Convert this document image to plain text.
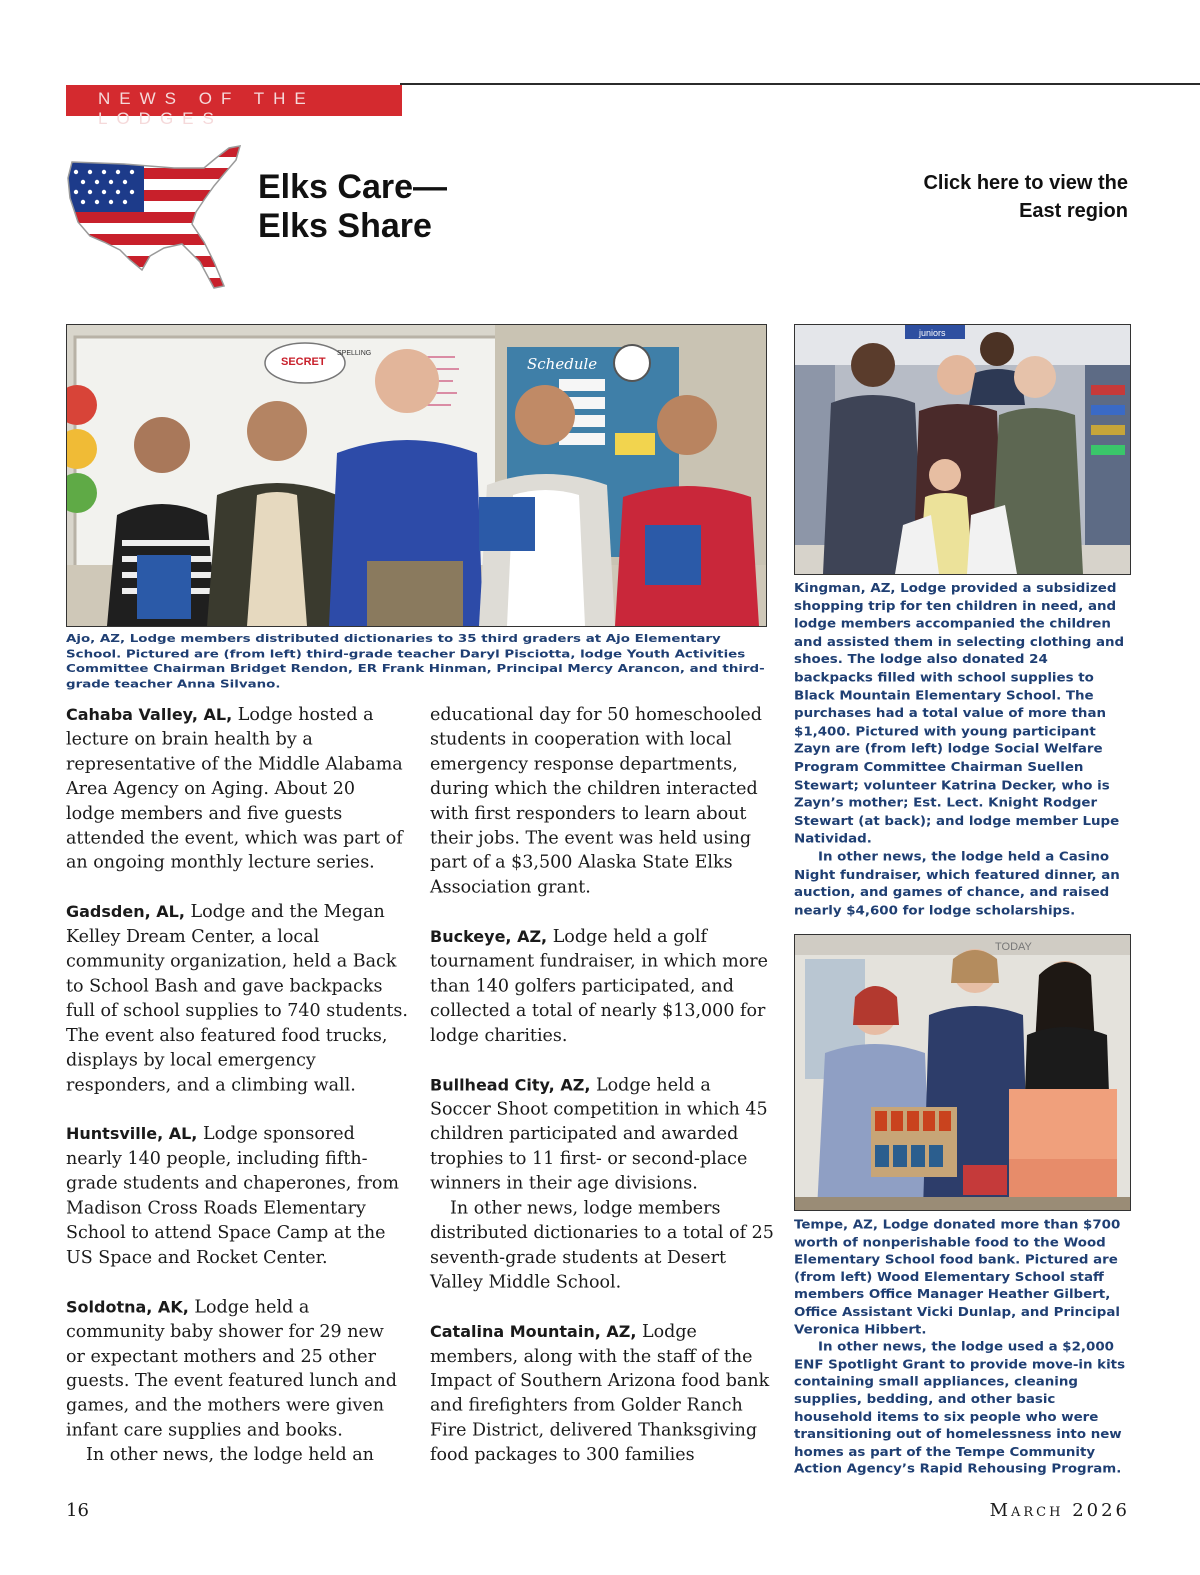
NEWS OF THE LODGES
Elks Care—
Elks Share
Click here to view the
East region
Schedule
SECRET
SPELLING
Ajo, AZ, Lodge members distributed dictionaries to 35 third graders at Ajo Elementary School. Pictured are (from left) third-grade teacher Daryl Pisciotta, lodge Youth Activities Committee Chairman Bridget Rendon, ER Frank Hinman, Principal Mercy Arancon, and third-grade teacher Anna Silvano.
juniors
Kingman, AZ, Lodge provided a subsidized shopping trip for ten children in need, and lodge members accompanied the children and assisted them in selecting clothing and shoes. The lodge also donated 24 backpacks filled with school supplies to Black Mountain Elementary School. The purchases had a total value of more than $1,400. Pictured with young participant Zayn are (from left) lodge Social Welfare Program Committee Chairman Suellen Stewart; volunteer Katrina Decker, who is Zayn’s mother; Est. Lect. Knight Rodger Stewart (at back); and lodge member Lupe Natividad.
In other news, the lodge held a Casino Night fundraiser, which featured dinner, an auction, and games of chance, and raised nearly $4,600 for lodge scholarships.
TODAY
Tempe, AZ, Lodge donated more than $700 worth of nonperishable food to the Wood Elementary School food bank. Pictured are (from left) Wood Elementary School staff members Office Manager Heather Gilbert, Office Assistant Vicki Dunlap, and Principal Veronica Hibbert.
In other news, the lodge used a $2,000 ENF Spotlight Grant to provide move-in kits containing small appliances, cleaning supplies, bedding, and other basic household items to six people who were transitioning out of homelessness into new homes as part of the Tempe Community Action Agency’s Rapid Rehousing Program.

Cahaba Valley, AL, Lodge hosted a lecture on brain health by a representative of the Middle Alabama Area Agency on Aging. About 20 lodge members and five guests attended the event, which was part of an ongoing monthly lecture series.

Gadsden, AL, Lodge and the Megan Kelley Dream Center, a local community organization, held a Back to School Bash and gave backpacks full of school supplies to 740 students. The event also featured food trucks, displays by local emergency responders, and a climbing wall.

Huntsville, AL, Lodge sponsored nearly 140 people, including fifth-grade students and chaperones, from Madison Cross Roads Elementary School to attend Space Camp at the US Space and Rocket Center.

Soldotna, AK, Lodge held a community baby shower for 29 new or expectant mothers and 25 other guests. The event featured lunch and games, and the mothers were given infant care supplies and books.
In other news, the lodge held an

educational day for 50 homeschooled students in cooperation with local emergency response departments, during which the children interacted with first responders to learn about their jobs. The event was held using part of a $3,500 Alaska State Elks Association grant.

Buckeye, AZ, Lodge held a golf tournament fundraiser, in which more than 140 golfers participated, and collected a total of nearly $13,000 for lodge charities.

Bullhead City, AZ, Lodge held a Soccer Shoot competition in which 45 children participated and awarded trophies to 11 first- or second-place winners in their age divisions.
In other news, lodge members distributed dictionaries to a total of 25 seventh-grade students at Desert Valley Middle School.

Catalina Mountain, AZ, Lodge members, along with the staff of the Impact of Southern Arizona food bank and firefighters from Golder Ranch Fire District, delivered Thanksgiving food packages to 300 families

16	March 2026
